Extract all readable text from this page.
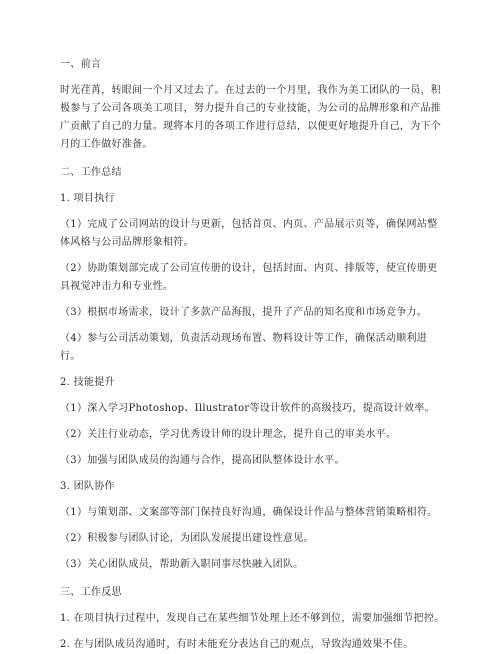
一、前言

时光荏苒，转眼间一个月又过去了。在过去的一个月里，我作为美工团队的一员，积极参与了公司各项美工项目，努力提升自己的专业技能，为公司的品牌形象和产品推广贡献了自己的力量。现将本月的各项工作进行总结，以便更好地提升自己，为下个月的工作做好准备。

二、工作总结

1. 项目执行

（1）完成了公司网站的设计与更新，包括首页、内页、产品展示页等，确保网站整体风格与公司品牌形象相符。

（2）协助策划部完成了公司宣传册的设计，包括封面、内页、排版等，使宣传册更具视觉冲击力和专业性。

（3）根据市场需求，设计了多款产品海报，提升了产品的知名度和市场竞争力。

（4）参与公司活动策划，负责活动现场布置、物料设计等工作，确保活动顺利进行。

2. 技能提升

（1）深入学习Photoshop、Illustrator等设计软件的高级技巧，提高设计效率。

（2）关注行业动态，学习优秀设计师的设计理念，提升自己的审美水平。

（3）加强与团队成员的沟通与合作，提高团队整体设计水平。

3. 团队协作

（1）与策划部、文案部等部门保持良好沟通，确保设计作品与整体营销策略相符。

（2）积极参与团队讨论，为团队发展提出建设性意见。

（3）关心团队成员，帮助新入职同事尽快融入团队。

三、工作反思

1. 在项目执行过程中，发现自己在某些细节处理上还不够到位，需要加强细节把控。

2. 在与团队成员沟通时，有时未能充分表达自己的观点，导致沟通效果不佳。
